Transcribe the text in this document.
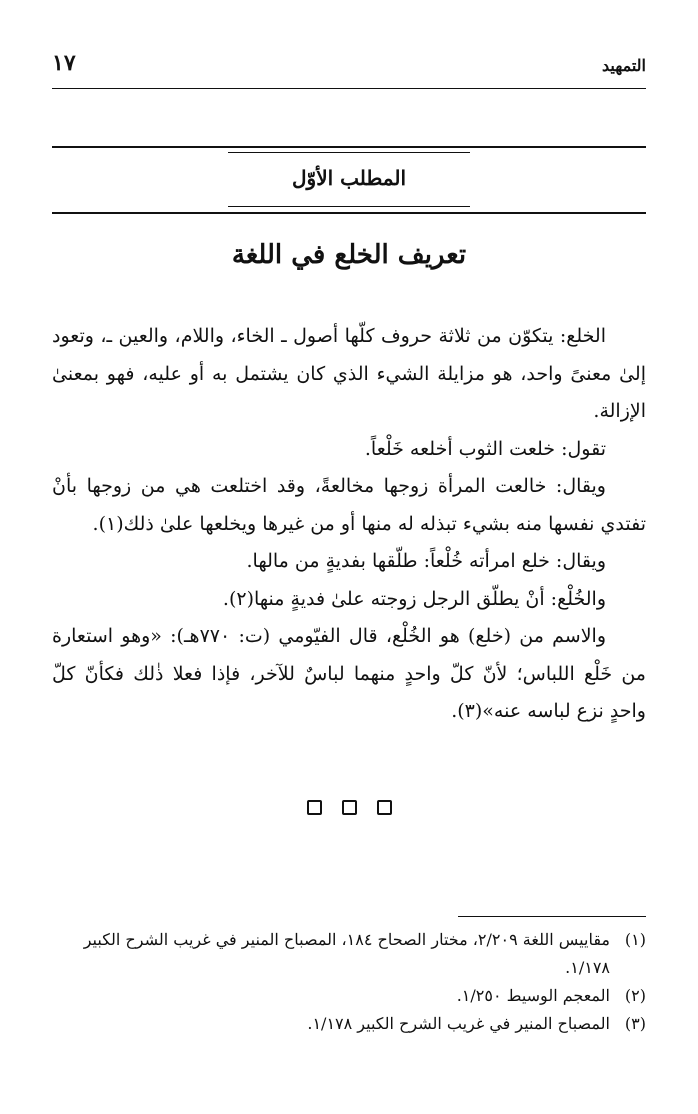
١٧	التمهيد
المطلب الأوّل
تعريف الخلع في اللغة

الخلع: يتكوّن من ثلاثة حروف كلّها أصول ـ الخاء، واللام، والعين ـ، وتعود إلىٰ معنىً واحد، هو مزايلة الشيء الذي كان يشتمل به أو عليه، فهو بمعنىٰ الإزالة.

تقول: خلعت الثوب أخلعه خَلْعاً.

ويقال: خالعت المرأة زوجها مخالعةً، وقد اختلعت هي من زوجها بأنْ تفتدي نفسها منه بشيء تبذله له منها أو من غيرها ويخلعها علىٰ ذلك(١).

ويقال: خلع امرأته خُلْعاً: طلّقها بفديةٍ من مالها.

والخُلْع: أنْ يطلّق الرجل زوجته علىٰ فديةٍ منها(٢).

والاسم من (خلع) هو الخُلْع، قال الفيّومي (ت: ٧٧٠هـ): «وهو استعارة من خَلْع اللباس؛ لأنّ كلّ واحدٍ منهما لباسٌ للآخر، فإذا فعلا ذٰلك فكأنّ كلّ واحدٍ نزع لباسه عنه»(٣).

(١)
مقاييس اللغة ٢/٢٠٩، مختار الصحاح ١٨٤، المصباح المنير في غريب الشرح الكبير ١/١٧٨.
(٢)
المعجم الوسيط ١/٢٥٠.
(٣)
المصباح المنير في غريب الشرح الكبير ١/١٧٨.
